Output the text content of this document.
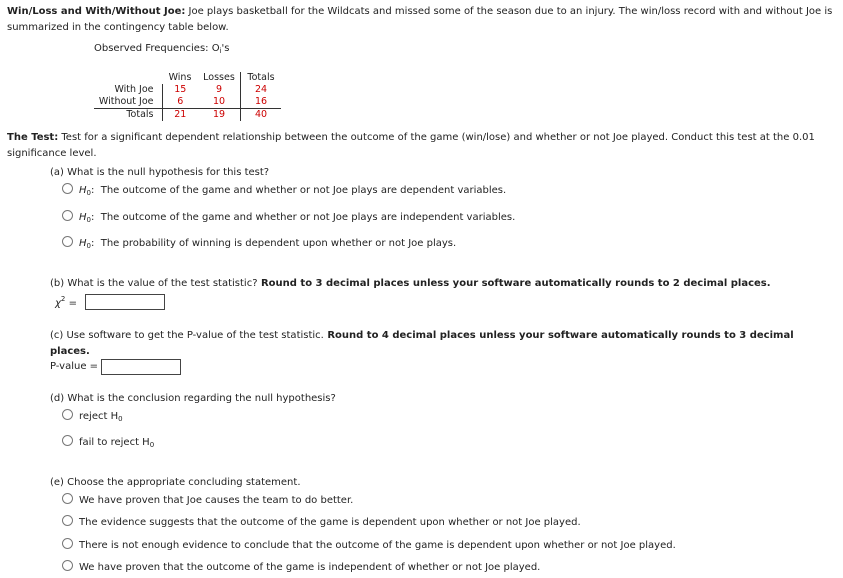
Win/Loss and With/Without Joe: Joe plays basketball for the Wildcats and missed some of the season due to an injury. The win/loss record with and without Joe is summarized in the contingency table below.
Observed Frequencies: $O_i's$
	Wins	Losses	Totals
With Joe	15	9	24
Without Joe	6	10	16
Totals	21	19	40
The Test: Test for a significant dependent relationship between the outcome of the game (win/lose) and whether or not Joe played. Conduct this test at the 0.01 significance level.
(a) What is the null hypothesis for this test?
$H_0$:  The outcome of the game and whether or not Joe plays are dependent variables.
$H_0$:  The outcome of the game and whether or not Joe plays are independent variables.
$H_0$:  The probability of winning is dependent upon whether or not Joe plays.
(b) What is the value of the test statistic? Round to 3 decimal places unless your software automatically rounds to 2 decimal places.
$\chi^2$ =
(c) Use software to get the P-value of the test statistic. Round to 4 decimal places unless your software automatically rounds to 3 decimal places.
P-value =
(d) What is the conclusion regarding the null hypothesis?
reject $H_0$
fail to reject $H_0$
(e) Choose the appropriate concluding statement.
We have proven that Joe causes the team to do better.
The evidence suggests that the outcome of the game is dependent upon whether or not Joe played.
There is not enough evidence to conclude that the outcome of the game is dependent upon whether or not Joe played.
We have proven that the outcome of the game is independent of whether or not Joe played.
